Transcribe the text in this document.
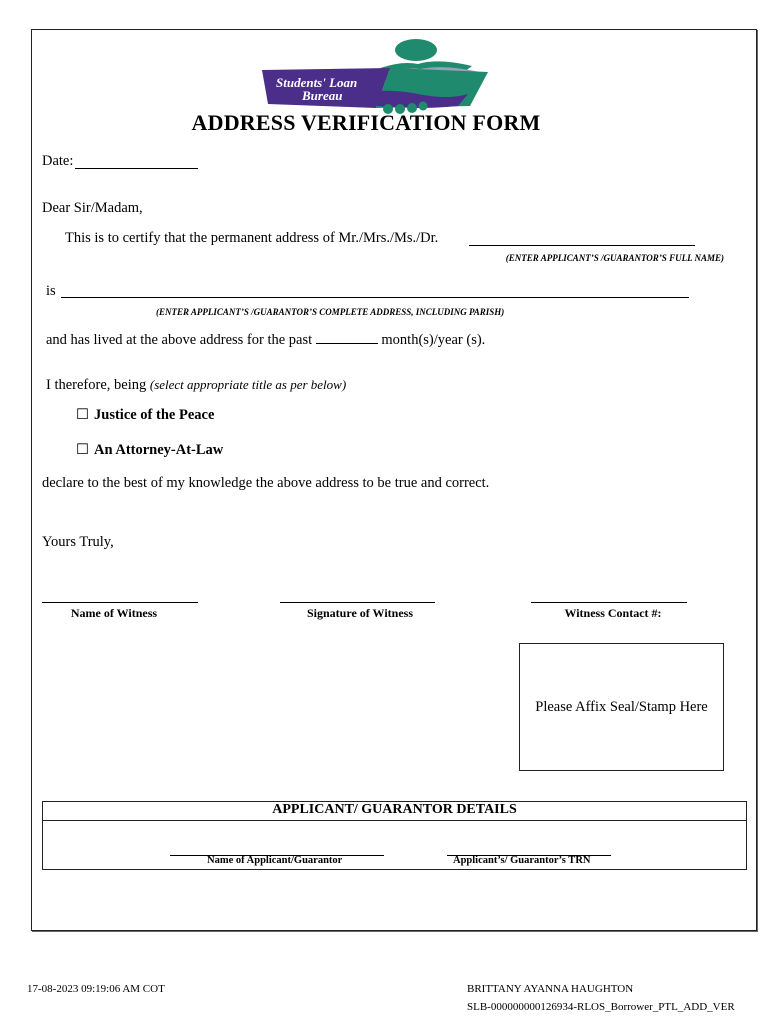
Students' Loan
Bureau
ADDRESS VERIFICATION FORM
Date:
Dear Sir/Madam,
This is to certify that the permanent address of Mr./Mrs./Ms./Dr.
(ENTER APPLICANT’S /GUARANTOR’S FULL NAME)
is
(ENTER APPLICANT’S /GUARANTOR’S COMPLETE ADDRESS, INCLUDING PARISH)
and has lived at the above address for the past	month(s)/year (s).
I therefore, being (select appropriate title as per below)
☐ Justice of the Peace
☐ An Attorney-At-Law
declare to the best of my knowledge the above address to be true and correct.
Yours Truly,
Name of Witness	Signature of Witness	Witness Contact #:
Please Affix Seal/Stamp Here
APPLICANT/ GUARANTOR DETAILS
Name of Applicant/Guarantor	Applicant’s/ Guarantor’s TRN
17-08-2023 09:19:06 AM COT	BRITTANY AYANNA HAUGHTON
SLB-000000000126934-RLOS_Borrower_PTL_ADD_VER
